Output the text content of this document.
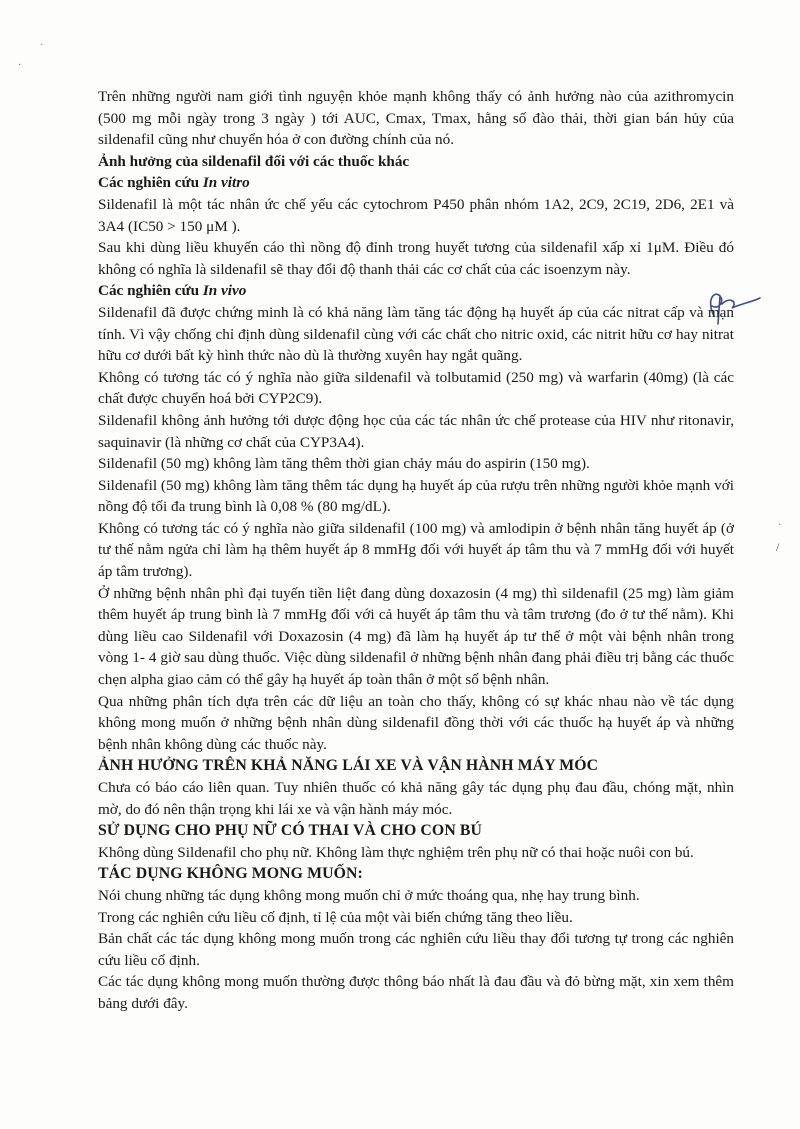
·
·
·
/

Trên những người nam giới tình nguyện khỏe mạnh không thấy có ảnh hưởng nào của azithromycin (500 mg mỗi ngày trong 3 ngày ) tới AUC, Cmax, Tmax, hằng số đào thải, thời gian bán hủy của sildenafil cũng như chuyển hóa ở con đường chính của nó.

Ảnh hưởng của sildenafil đối với các thuốc khác
Các nghiên cứu In vitro

Sildenafil là một tác nhân ức chế yếu các cytochrom P450 phân nhóm 1A2, 2C9, 2C19, 2D6, 2E1 và 3A4 (IC50 > 150 μM ).

Sau khi dùng liều khuyến cáo thì nồng độ đỉnh trong huyết tương của sildenafil xấp xỉ 1μM. Điều đó không có nghĩa là sildenafil sẽ thay đổi độ thanh thải các cơ chất của các isoenzym này.

Các nghiên cứu In vivo

Sildenafil đã được chứng minh là có khả năng làm tăng tác động hạ huyết áp của các nitrat cấp và mạn tính. Vì vậy chống chỉ định dùng sildenafil cùng với các chất cho nitric oxid, các nitrit hữu cơ hay nitrat hữu cơ dưới bất kỳ hình thức nào dù là thường xuyên hay ngắt quãng.

Không có tương tác có ý nghĩa nào giữa sildenafil và tolbutamid (250 mg) và warfarin (40mg) (là các chất được chuyển hoá bởi CYP2C9).

Sildenafil không ảnh hưởng tới dược động học của các tác nhân ức chế protease của HIV như ritonavir, saquinavir (là những cơ chất của CYP3A4).

Sildenafil (50 mg) không làm tăng thêm thời gian chảy máu do aspirin (150 mg).

Sildenafil (50 mg) không làm tăng thêm tác dụng hạ huyết áp của rượu trên những người khỏe mạnh với nồng độ tối đa trung bình là 0,08 % (80 mg/dL).

Không có tương tác có ý nghĩa nào giữa sildenafil (100 mg) và amlodipin ở bệnh nhân tăng huyết áp (ở tư thế nằm ngửa chỉ làm hạ thêm huyết áp 8 mmHg đối với huyết áp tâm thu và 7 mmHg đối với huyết áp tâm trương).

Ở những bệnh nhân phì đại tuyến tiền liệt đang dùng doxazosin (4 mg) thì sildenafil (25 mg) làm giảm thêm huyết áp trung bình là 7 mmHg đối với cả huyết áp tâm thu và tâm trương (đo ở tư thế nằm). Khi dùng liều cao Sildenafil với Doxazosin (4 mg) đã làm hạ huyết áp tư thế ở một vài bệnh nhân trong vòng 1- 4 giờ sau dùng thuốc. Việc dùng sildenafil ở những bệnh nhân đang phải điều trị bằng các thuốc chẹn alpha giao cảm có thể gây hạ huyết áp toàn thân ở một số bệnh nhân.

Qua những phân tích dựa trên các dữ liệu an toàn cho thấy, không có sự khác nhau nào về tác dụng không mong muốn ở những bệnh nhân dùng sildenafil đồng thời với các thuốc hạ huyết áp và những bệnh nhân không dùng các thuốc này.

ẢNH HƯỞNG TRÊN KHẢ NĂNG LÁI XE VÀ VẬN HÀNH MÁY MÓC

Chưa có báo cáo liên quan. Tuy nhiên thuốc có khả năng gây tác dụng phụ đau đầu, chóng mặt, nhìn mờ, do đó nên thận trọng khi lái xe và vận hành máy móc.

SỬ DỤNG CHO PHỤ NỮ CÓ THAI VÀ CHO CON BÚ

Không dùng Sildenafil cho phụ nữ. Không làm thực nghiệm trên phụ nữ có thai hoặc nuôi con bú.

TÁC DỤNG KHÔNG MONG MUỐN:

Nói chung những tác dụng không mong muốn chỉ ở mức thoáng qua, nhẹ hay trung bình.

Trong các nghiên cứu liều cố định, tỉ lệ của một vài biến chứng tăng theo liều.

Bản chất các tác dụng không mong muốn trong các nghiên cứu liều thay đổi tương tự trong các nghiên cứu liều cố định.

Các tác dụng không mong muốn thường được thông báo nhất là đau đầu và đỏ bừng mặt, xin xem thêm bảng dưới đây.
